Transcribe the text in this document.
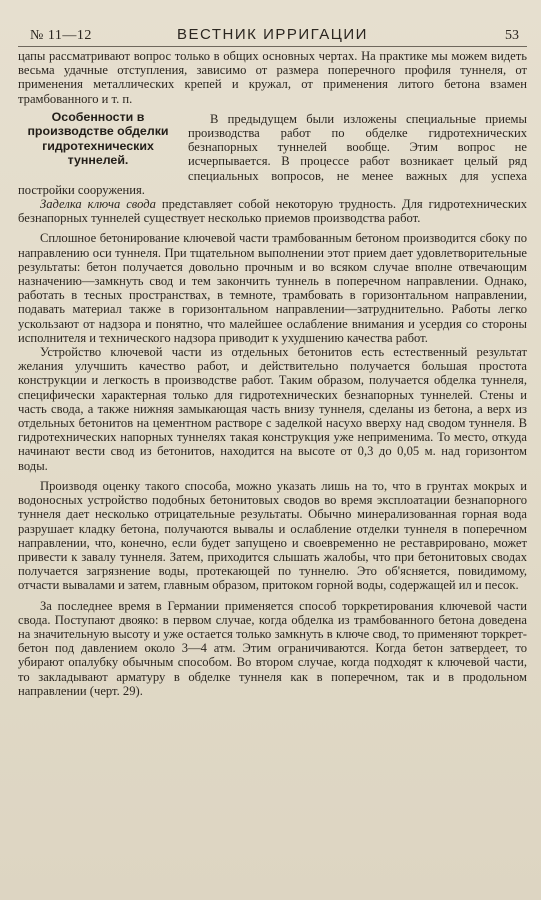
№ 11—12	ВЕСТНИК ИРРИГАЦИИ	53

цапы рассматривают вопрос только в общих основных чертах. На практике мы можем видеть весьма удачные отступления, зависимо от размера поперечного профиля туннеля, от применения металлических крепей и кружал, от применения литого бетона взамен трамбованного и т. п.

Особенности в производстве обделки гидротехнических туннелей.

В предыдущем были изложены специальные приемы производства работ по обделке гидротехнических безнапорных туннелей вообще. Этим вопрос не исчерпывается. В процессе работ возникает целый ряд специальных вопросов, не менее важных для успеха постройки сооружения.

Заделка ключа свода представляет собой некоторую трудность. Для гидротехнических безнапорных туннелей существует несколько приемов производства работ.

Сплошное бетонирование ключевой части трамбованным бетоном производится сбоку по направлению оси туннеля. При тщательном выполнении этот прием дает удовлетворительные результаты: бетон получается довольно прочным и во всяком случае вполне отвечающим назначению—замкнуть свод и тем закончить туннель в поперечном направлении. Однако, работать в тесных пространствах, в темноте, трамбовать в горизонтальном направлении, подавать материал также в горизонтальном направлении—затруднительно. Работы легко ускользают от надзора и понятно, что малейшее ослабление внимания и усердия со стороны исполнителя и технического надзора приводит к ухудшению качества работ.

Устройство ключевой части из отдельных бетонитов есть естественный результат желания улучшить качество работ, и действительно получается большая простота конструкции и легкость в производстве работ. Таким образом, получается обделка туннеля, специфически характерная только для гидротехнических безнапорных туннелей. Стены и часть свода, а также нижняя замыкающая часть внизу туннеля, сделаны из бетона, а верх из отдельных бетонитов на цементном растворе с заделкой насухо вверху над сводом туннеля. В гидротехнических напорных туннелях такая конструкция уже неприменима. То место, откуда начинают вести свод из бетонитов, находится на высоте от 0,3 до 0,05 м. над горизонтом воды.

Производя оценку такого способа, можно указать лишь на то, что в грунтах мокрых и водоносных устройство подобных бетонитовых сводов во время эксплоатации безнапорного туннеля дает несколько отрицательные результаты. Обычно минерализованная горная вода разрушает кладку бетона, получаются вывалы и ослабление отделки туннеля в поперечном направлении, что, конечно, если будет запущено и своевременно не реставрировано, может привести к завалу туннеля. Затем, приходится слышать жалобы, что при бетонитовых сводах получается загрязнение воды, протекающей по туннелю. Это об'ясняется, повидимому, отчасти вывалами и затем, главным образом, притоком горной воды, содержащей ил и песок.

За последнее время в Германии применяется способ торкретирования ключевой части свода. Поступают двояко: в первом случае, когда обделка из трамбованного бетона доведена на значительную высоту и уже остается только замкнуть в ключе свод, то применяют торкрет-бетон под давлением около 3—4 атм. Этим ограничиваются. Когда бетон затвердеет, то убирают опалубку обычным способом. Во втором случае, когда подходят к ключевой части, то закладывают арматуру в обделке туннеля как в поперечном, так и в продольном направлении (черт. 29).
